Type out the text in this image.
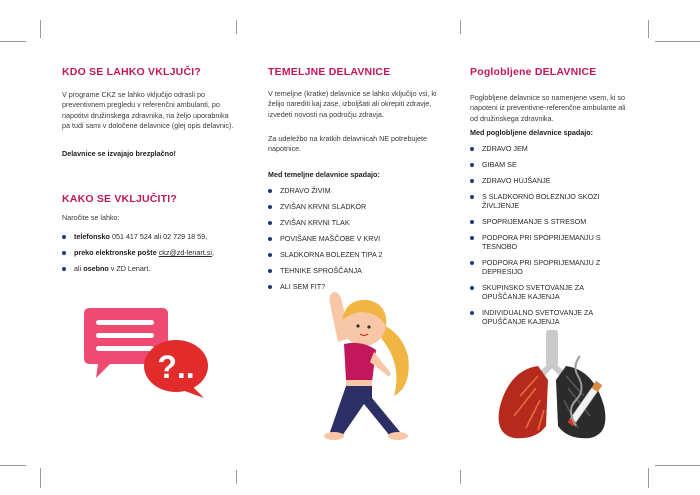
KDO SE LAHKO VKLJUČI?

V programe CKZ se lahko vključijo odrasli po preventivnem pregledu v referenčni ambulanti, po napotitvi družinskega zdravnika, na željo uporabnika pa tudi sami v določene delavnice (glej opis delavnic).

Delavnice se izvajajo brezplačno!

KAKO SE VKLJUČITI?

Naročite se lahko:

telefonsko 051 417 524 ali 02 729 18 59,
preko elektronske pošte ckz@zd-lenart.si,
ali osebno v ZD Lenart.
?..
TEMELJNE DELAVNICE

V temeljne (kratke) delavnice se lahko vključijo vsi, ki želijo narediti kaj zase, izboljšati ali okrepiti zdravje, izvedeti novosti na področju zdravja.

Za udeležbo na kratkih delavnicah NE potrebujete napotnice.

Med temeljne delavnice spadajo:

ZDRAVO ŽIVIM
ZVIŠAN KRVNI SLADKOR
ZVIŠAN KRVNI TLAK
POVIŠANE MAŠČOBE V KRVI
SLADKORNA BOLEZEN TIPA 2
TEHNIKE SPROŠČANJA
ALI SEM FIT?
Poglobljene DELAVNICE

Poglobljene delavnice so namenjene vsem, ki so napoteni iz preventivne-referenčne ambulante ali od družinskega zdravnika.

Med poglobljene delavnice spadajo:

ZDRAVO JEM
GIBAM SE
ZDRAVO HUJŠANJE
S SLADKORNO BOLEZNIJO SKOZI ŽIVLJENJE
SPOPRIJEMANJE S STRESOM
PODPORA PRI SPOPRIJEMANJU S TESNOBO
PODPORA PRI SPOPRIJEMANJU Z DEPRESIJO
SKUPINSKO SVETOVANJE ZA OPUŠČANJE KAJENJA
INDIVIDUALNO SVETOVANJE ZA OPUŠČANJE KAJENJA
